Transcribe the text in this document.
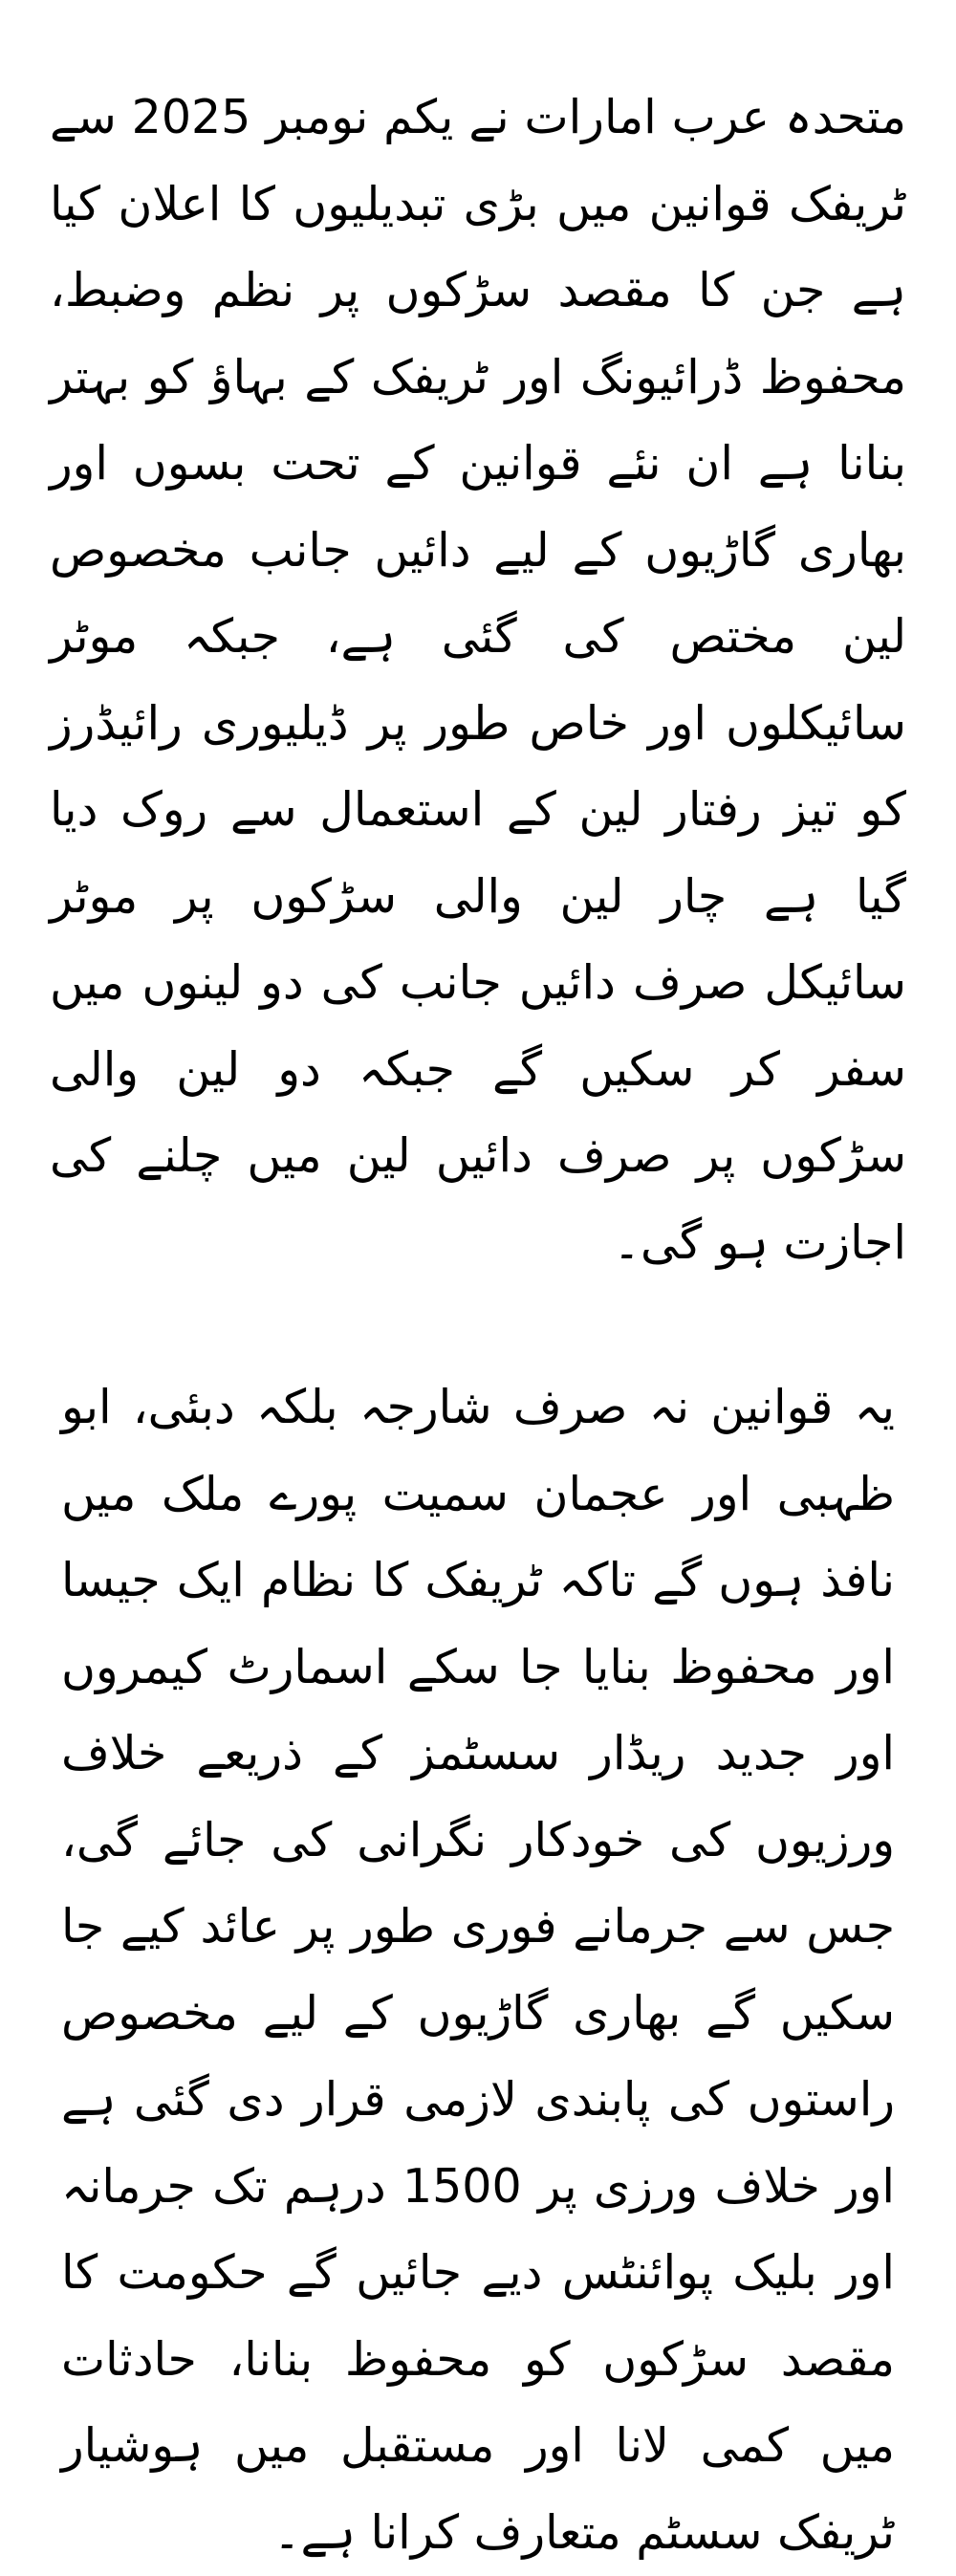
متحدہ عرب امارات نے یکم نومبر 2025 سے ٹریفک قوانین میں بڑی تبدیلیوں کا اعلان کیا ہے جن کا مقصد سڑکوں پر نظم وضبط، محفوظ ڈرائیونگ اور ٹریفک کے بہاؤ کو بہتر بنانا ہے ان نئے قوانین کے تحت بسوں اور بھاری گاڑیوں کے لیے دائیں جانب مخصوص لین مختص کی گئی ہے، جبکہ موٹر سائیکلوں اور خاص طور پر ڈیلیوری رائیڈرز کو تیز رفتار لین کے استعمال سے روک دیا گیا ہے چار لین والی سڑکوں پر موٹر سائیکل صرف دائیں جانب کی دو لینوں میں سفر کر سکیں گے جبکہ دو لین والی سڑکوں پر صرف دائیں لین میں چلنے کی اجازت ہو گی۔

یہ قوانین نہ صرف شارجہ بلکہ دبئی، ابو ظہبی اور عجمان سمیت پورے ملک میں نافذ ہوں گے تاکہ ٹریفک کا نظام ایک جیسا اور محفوظ بنایا جا سکے اسمارٹ کیمروں اور جدید ریڈار سسٹمز کے ذریعے خلاف ورزیوں کی خودکار نگرانی کی جائے گی، جس سے جرمانے فوری طور پر عائد کیے جا سکیں گے بھاری گاڑیوں کے لیے مخصوص راستوں کی پابندی لازمی قرار دی گئی ہے اور خلاف ورزی پر 1500 درہم تک جرمانہ اور بلیک پوائنٹس دیے جائیں گے حکومت کا مقصد سڑکوں کو محفوظ بنانا، حادثات میں کمی لانا اور مستقبل میں ہوشیار ٹریفک سسٹم متعارف کرانا ہے۔
